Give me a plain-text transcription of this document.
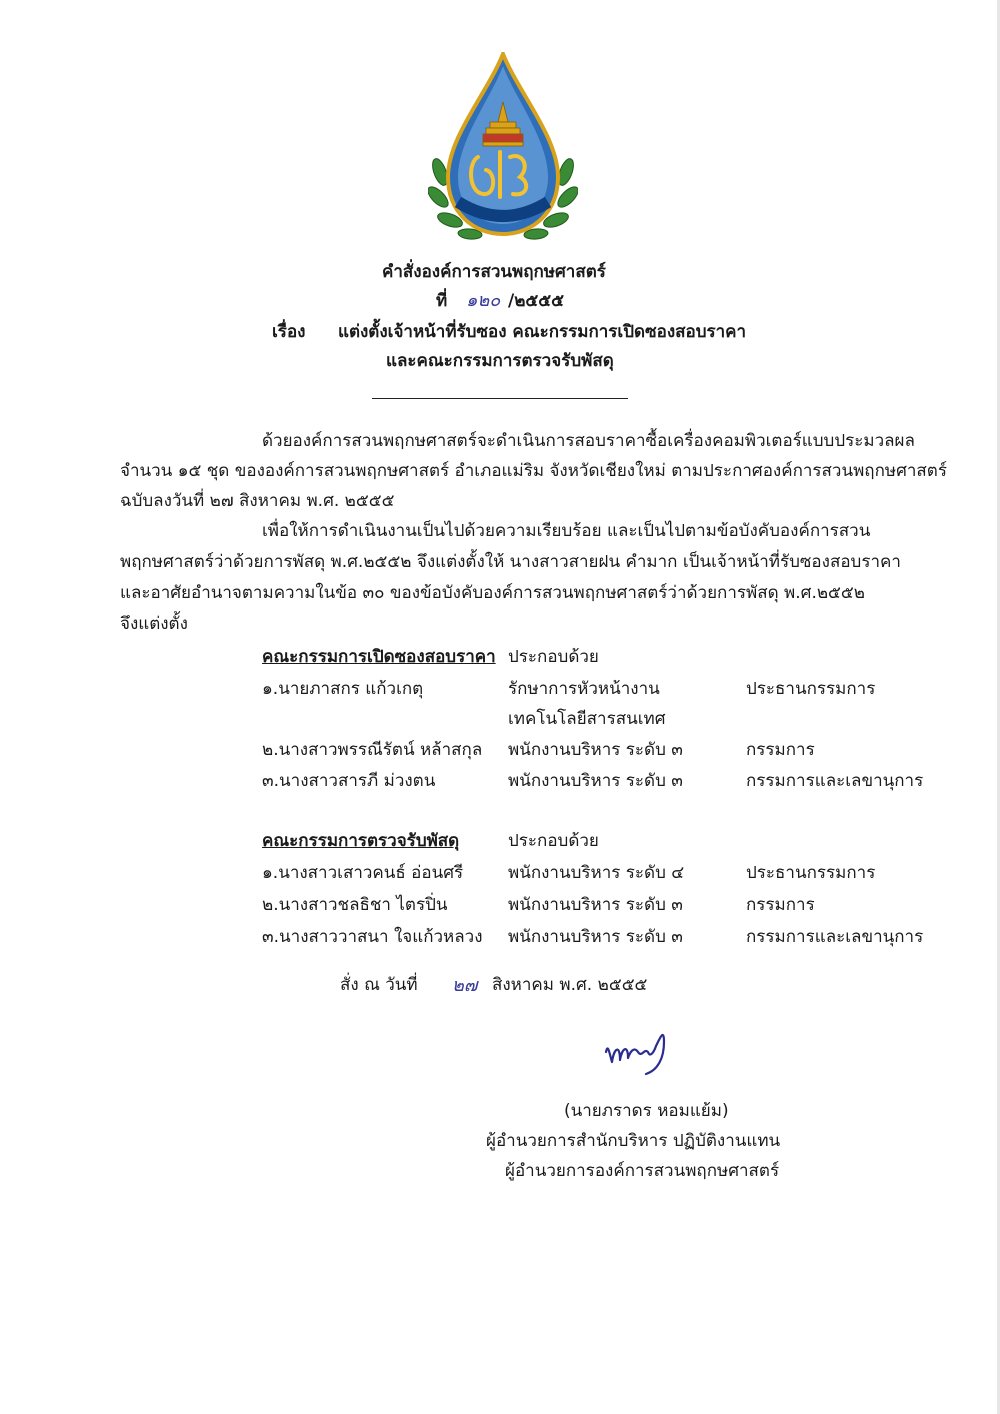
คำสั่งองค์การสวนพฤกษศาสตร์
ที่ ๑๒๐ /๒๕๕๕
เรื่อง แต่งตั้งเจ้าหน้าที่รับซอง คณะกรรมการเปิดซองสอบราคา
และคณะกรรมการตรวจรับพัสดุ
ด้วยองค์การสวนพฤกษศาสตร์จะดำเนินการสอบราคาซื้อเครื่องคอมพิวเตอร์แบบประมวลผล
จำนวน ๑๕ ชุด ขององค์การสวนพฤกษศาสตร์ อำเภอแม่ริม จังหวัดเชียงใหม่ ตามประกาศองค์การสวนพฤกษศาสตร์
ฉบับลงวันที่ ๒๗ สิงหาคม พ.ศ. ๒๕๕๕
เพื่อให้การดำเนินงานเป็นไปด้วยความเรียบร้อย และเป็นไปตามข้อบังคับองค์การสวน
พฤกษศาสตร์ว่าด้วยการพัสดุ พ.ศ.๒๕๕๒ จึงแต่งตั้งให้ นางสาวสายฝน คำมาก เป็นเจ้าหน้าที่รับซองสอบราคา
และอาศัยอำนาจตามความในข้อ ๓๐ ของข้อบังคับองค์การสวนพฤกษศาสตร์ว่าด้วยการพัสดุ พ.ศ.๒๕๕๒
จึงแต่งตั้ง
คณะกรรมการเปิดซองสอบราคา ประกอบด้วย
๑.นายภาสกร แก้วเกตุ	รักษาการหัวหน้างาน	ประธานกรรมการ
เทคโนโลยีสารสนเทศ
๒.นางสาวพรรณีรัตน์ หล้าสกุล พนักงานบริหาร ระดับ ๓	กรรมการ
๓.นางสาวสารภี ม่วงตน	พนักงานบริหาร ระดับ ๓	กรรมการและเลขานุการ
คณะกรรมการตรวจรับพัสดุ	ประกอบด้วย
๑.นางสาวเสาวคนธ์ อ่อนศรี	พนักงานบริหาร ระดับ ๔	ประธานกรรมการ
๒.นางสาวชลธิชา ไตรปิ่น	พนักงานบริหาร ระดับ ๓	กรรมการ
๓.นางสาววาสนา ใจแก้วหลวง พนักงานบริหาร ระดับ ๓	กรรมการและเลขานุการ
สั่ง ณ วันที่ ๒๗ สิงหาคม พ.ศ. ๒๕๕๕
(นายภราดร หอมแย้ม)
ผู้อำนวยการสำนักบริหาร ปฏิบัติงานแทน
ผู้อำนวยการองค์การสวนพฤกษศาสตร์
